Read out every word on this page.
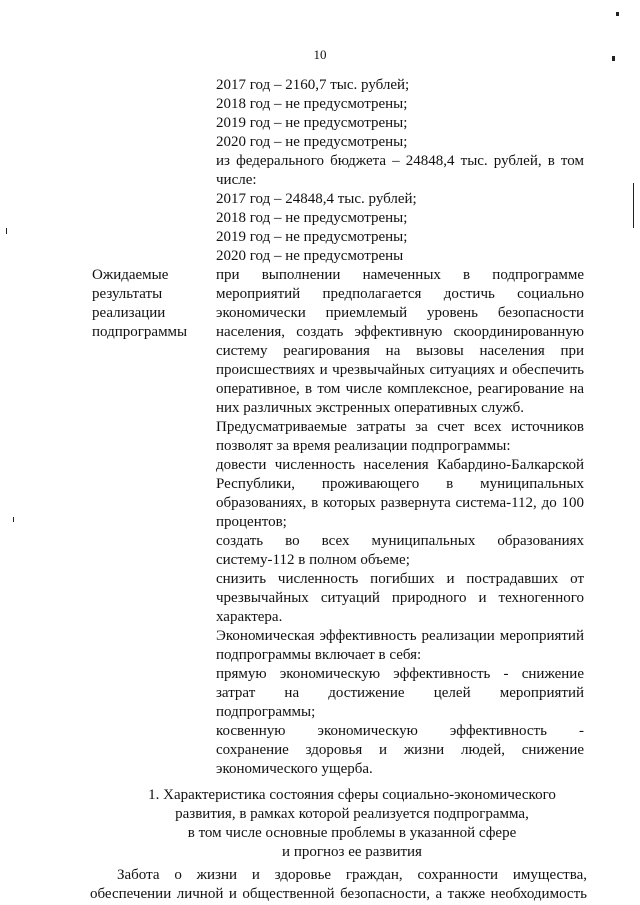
10
2017 год – 2160,7 тыс. рублей;
2018 год – не предусмотрены;
2019 год – не предусмотрены;
2020 год – не предусмотрены;
из федерального бюджета – 24848,4 тыс. рублей, в том
числе:
2017 год – 24848,4 тыс. рублей;
2018 год – не предусмотрены;
2019 год – не предусмотрены;
2020 год – не предусмотрены
Ожидаемые
результаты
реализации
подпрограммы
при выполнении намеченных в подпрограмме
мероприятий предполагается достичь социально
экономически приемлемый уровень безопасности
населения, создать эффективную скоординированную
систему реагирования на вызовы населения при
происшествиях и чрезвычайных ситуациях и обеспечить
оперативное, в том числе комплексное, реагирование на
них различных экстренных оперативных служб.
Предусматриваемые затраты за счет всех источников
позволят за время реализации подпрограммы:
довести численность населения Кабардино-Балкарской
Республики, проживающего в муниципальных
образованиях, в которых развернута система-112, до 100
процентов;
создать во всех муниципальных образованиях
систему-112 в полном объеме;
снизить численность погибших и пострадавших от
чрезвычайных ситуаций природного и техногенного
характера.
Экономическая эффективность реализации мероприятий
подпрограммы включает в себя:
прямую экономическую эффективность - снижение
затрат на достижение целей мероприятий
подпрограммы;
косвенную экономическую эффективность -
сохранение здоровья и жизни людей, снижение
экономического ущерба.
1. Характеристика состояния сферы социально-экономического
развития, в рамках которой реализуется подпрограмма,
в том числе основные проблемы в указанной сфере
и прогноз ее развития
Забота о жизни и здоровье граждан, сохранности имущества,
обеспечении личной и общественной безопасности, а также необходимость
